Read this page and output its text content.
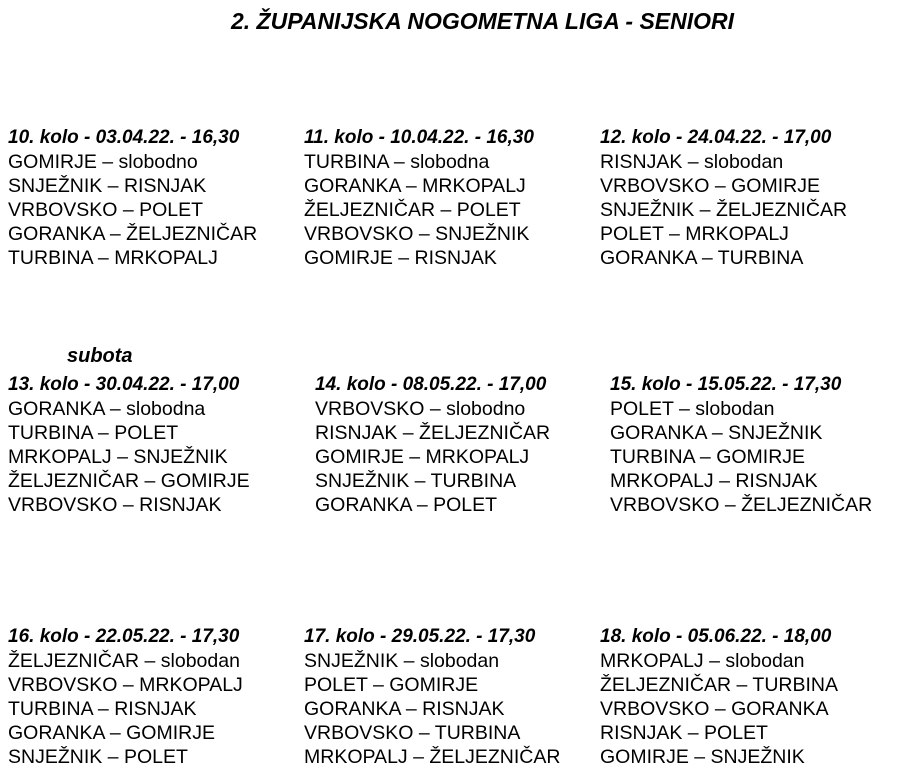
2. ŽUPANIJSKA NOGOMETNA LIGA - SENIORI
subota
10. kolo - 03.04.22. - 16,30
GOMIRJE – slobodno
SNJEŽNIK – RISNJAK
VRBOVSKO – POLET
GORANKA – ŽELJEZNIČAR
TURBINA – MRKOPALJ
11. kolo - 10.04.22. - 16,30
TURBINA – slobodna
GORANKA – MRKOPALJ
ŽELJEZNIČAR – POLET
VRBOVSKO – SNJEŽNIK
GOMIRJE – RISNJAK
12. kolo - 24.04.22. - 17,00
RISNJAK – slobodan
VRBOVSKO – GOMIRJE
SNJEŽNIK – ŽELJEZNIČAR
POLET – MRKOPALJ
GORANKA – TURBINA
13. kolo - 30.04.22. - 17,00
GORANKA – slobodna
TURBINA – POLET
MRKOPALJ – SNJEŽNIK
ŽELJEZNIČAR – GOMIRJE
VRBOVSKO – RISNJAK
14. kolo - 08.05.22. - 17,00
VRBOVSKO – slobodno
RISNJAK – ŽELJEZNIČAR
GOMIRJE – MRKOPALJ
SNJEŽNIK – TURBINA
GORANKA – POLET
15. kolo - 15.05.22. - 17,30
POLET – slobodan
GORANKA – SNJEŽNIK
TURBINA – GOMIRJE
MRKOPALJ – RISNJAK
VRBOVSKO – ŽELJEZNIČAR
16. kolo - 22.05.22. - 17,30
ŽELJEZNIČAR – slobodan
VRBOVSKO – MRKOPALJ
TURBINA – RISNJAK
GORANKA – GOMIRJE
SNJEŽNIK – POLET
17. kolo - 29.05.22. - 17,30
SNJEŽNIK – slobodan
POLET – GOMIRJE
GORANKA – RISNJAK
VRBOVSKO – TURBINA
MRKOPALJ – ŽELJEZNIČAR
18. kolo - 05.06.22. - 18,00
MRKOPALJ – slobodan
ŽELJEZNIČAR – TURBINA
VRBOVSKO – GORANKA
RISNJAK – POLET
GOMIRJE – SNJEŽNIK
